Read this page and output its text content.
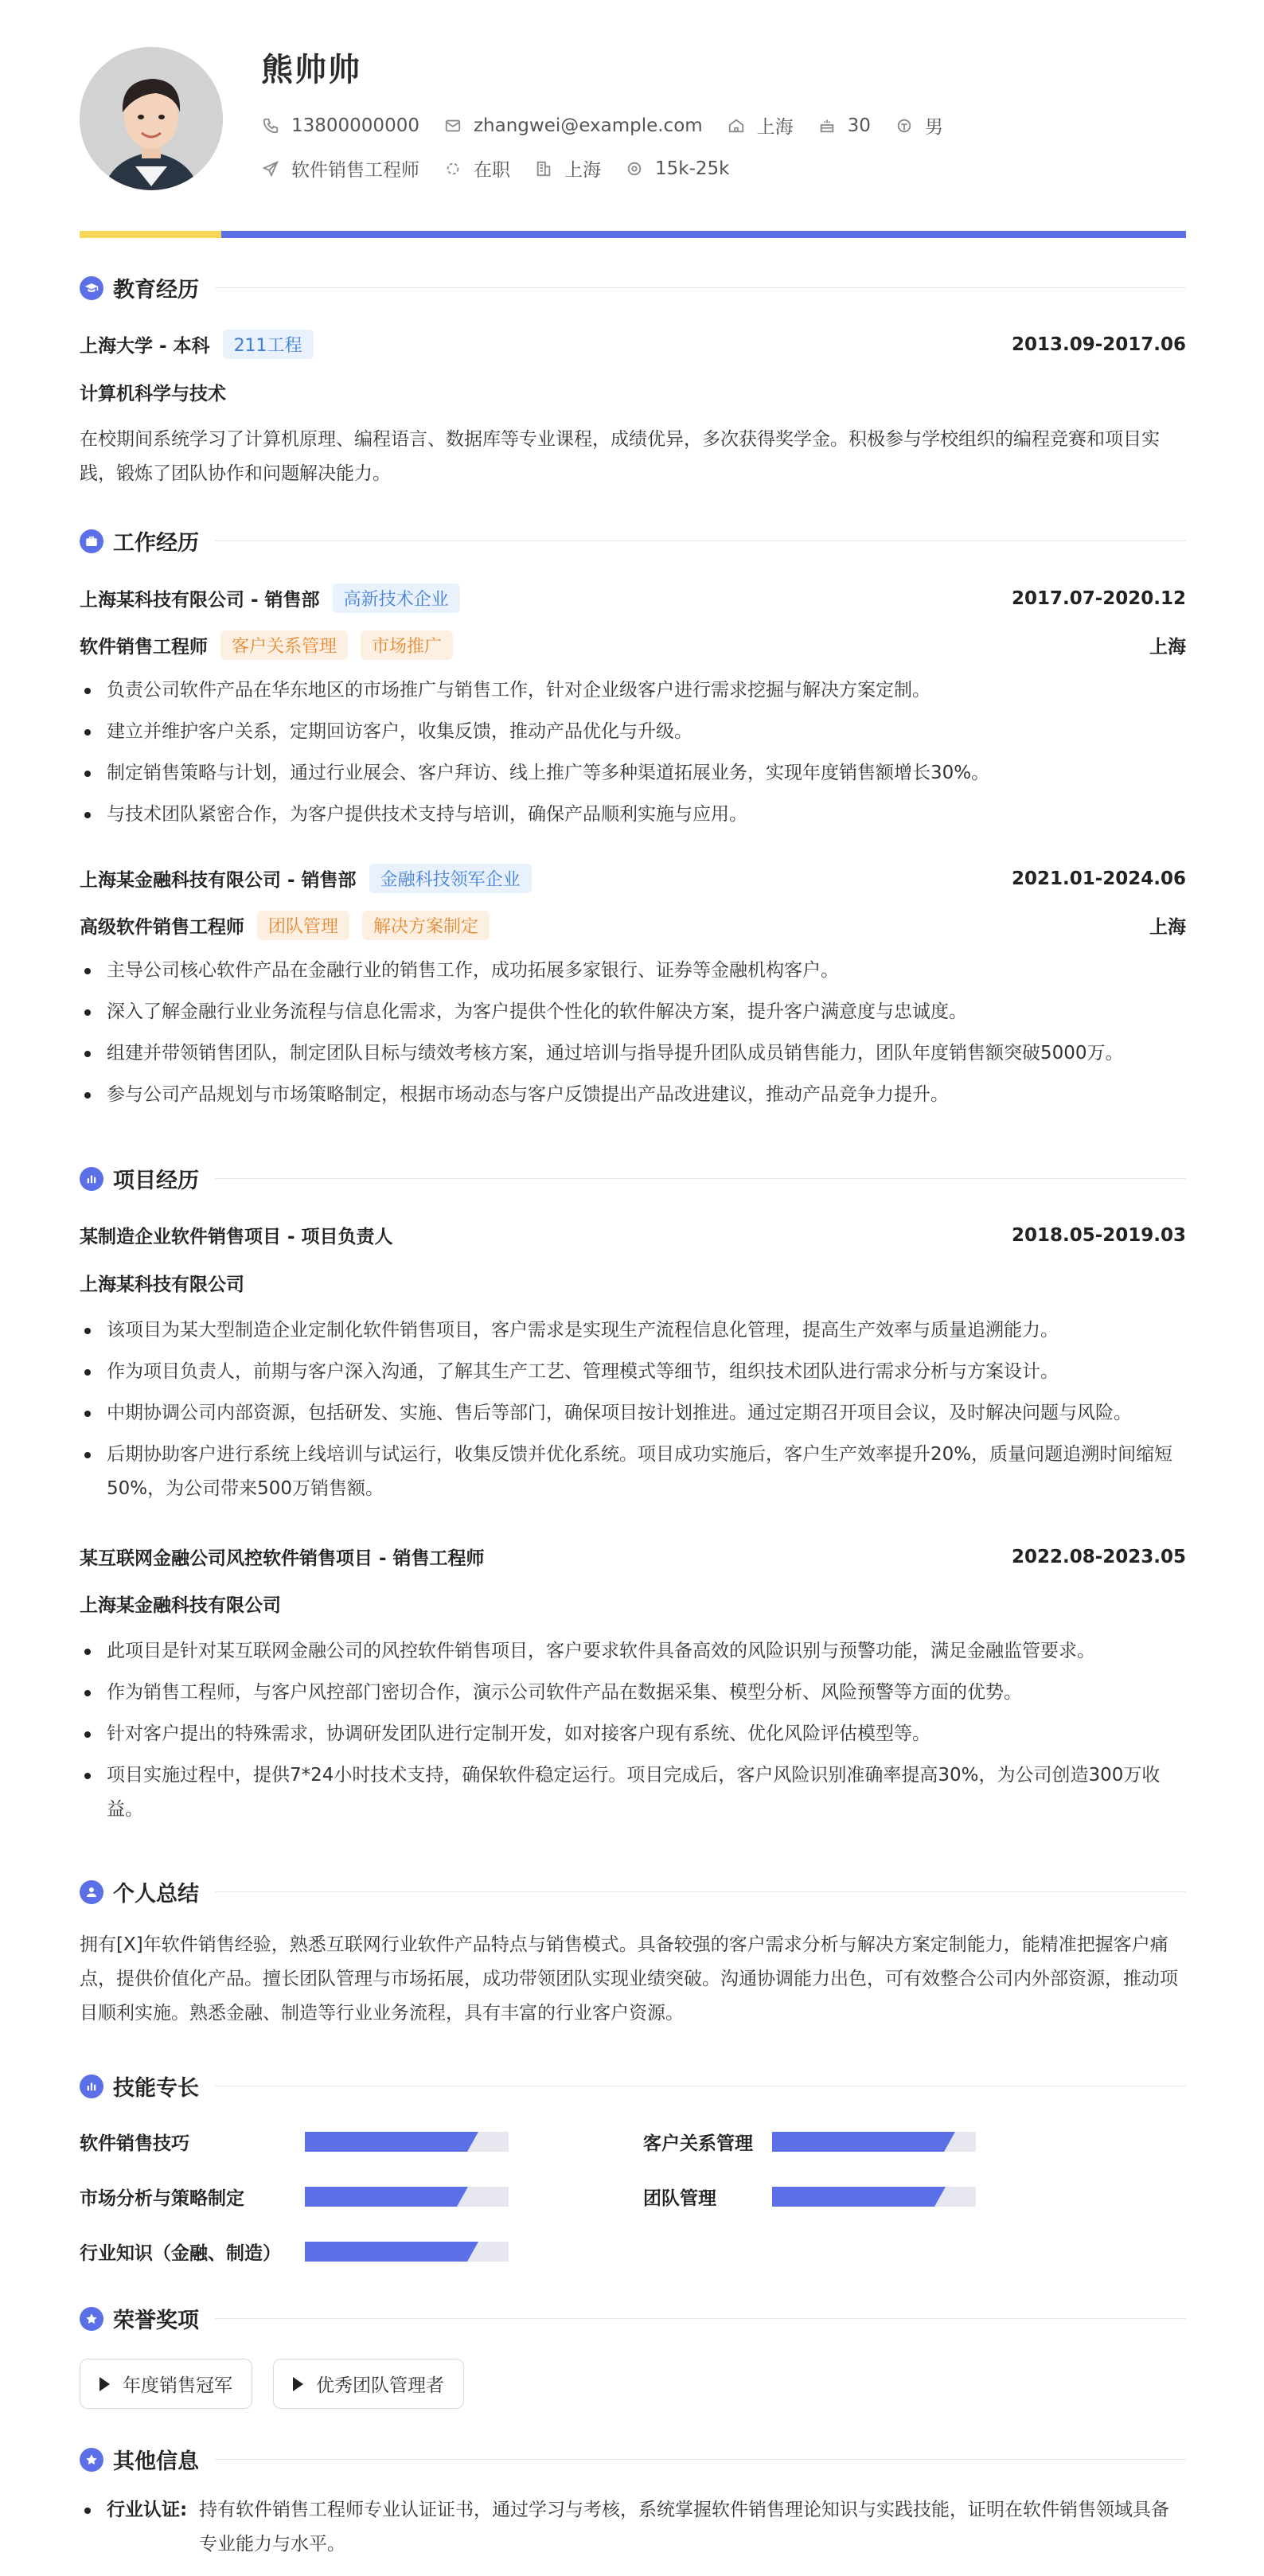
熊帅帅
13800000000	zhangwei@example.com	上海	30	男
软件销售工程师	在职	上海	15k-25k
教育经历
上海大学 - 本科	211工程	2013.09-2017.06
计算机科学与技术
在校期间系统学习了计算机原理、编程语言、数据库等专业课程，成绩优异，多次获得奖学金。积极参与学校组织的编程竞赛和项目实践，锻炼了团队协作和问题解决能力。
工作经历
上海某科技有限公司 - 销售部	高新技术企业	2017.07-2020.12
软件销售工程师	客户关系管理	市场推广	上海
负责公司软件产品在华东地区的市场推广与销售工作，针对企业级客户进行需求挖掘与解决方案定制。
建立并维护客户关系，定期回访客户，收集反馈，推动产品优化与升级。
制定销售策略与计划，通过行业展会、客户拜访、线上推广等多种渠道拓展业务，实现年度销售额增长30%。
与技术团队紧密合作，为客户提供技术支持与培训，确保产品顺利实施与应用。
上海某金融科技有限公司 - 销售部	金融科技领军企业	2021.01-2024.06
高级软件销售工程师	团队管理	解决方案制定	上海
主导公司核心软件产品在金融行业的销售工作，成功拓展多家银行、证券等金融机构客户。
深入了解金融行业业务流程与信息化需求，为客户提供个性化的软件解决方案，提升客户满意度与忠诚度。
组建并带领销售团队，制定团队目标与绩效考核方案，通过培训与指导提升团队成员销售能力，团队年度销售额突破5000万。
参与公司产品规划与市场策略制定，根据市场动态与客户反馈提出产品改进建议，推动产品竞争力提升。
项目经历
某制造企业软件销售项目 - 项目负责人	2018.05-2019.03
上海某科技有限公司
该项目为某大型制造企业定制化软件销售项目，客户需求是实现生产流程信息化管理，提高生产效率与质量追溯能力。
作为项目负责人，前期与客户深入沟通，了解其生产工艺、管理模式等细节，组织技术团队进行需求分析与方案设计。
中期协调公司内部资源，包括研发、实施、售后等部门，确保项目按计划推进。通过定期召开项目会议，及时解决问题与风险。
后期协助客户进行系统上线培训与试运行，收集反馈并优化系统。项目成功实施后，客户生产效率提升20%，质量问题追溯时间缩短50%，为公司带来500万销售额。
某互联网金融公司风控软件销售项目 - 销售工程师	2022.08-2023.05
上海某金融科技有限公司
此项目是针对某互联网金融公司的风控软件销售项目，客户要求软件具备高效的风险识别与预警功能，满足金融监管要求。
作为销售工程师，与客户风控部门密切合作，演示公司软件产品在数据采集、模型分析、风险预警等方面的优势。
针对客户提出的特殊需求，协调研发团队进行定制开发，如对接客户现有系统、优化风险评估模型等。
项目实施过程中，提供7*24小时技术支持，确保软件稳定运行。项目完成后，客户风险识别准确率提高30%，为公司创造300万收益。
个人总结
拥有[X]年软件销售经验，熟悉互联网行业软件产品特点与销售模式。具备较强的客户需求分析与解决方案定制能力，能精准把握客户痛点，提供价值化产品。擅长团队管理与市场拓展，成功带领团队实现业绩突破。沟通协调能力出色，可有效整合公司内外部资源，推动项目顺利实施。熟悉金融、制造等行业业务流程，具有丰富的行业客户资源。
技能专长
软件销售技巧	客户关系管理
市场分析与策略制定	团队管理
行业知识（金融、制造）
荣誉奖项
年度销售冠军	优秀团队管理者
其他信息
行业认证: 持有软件销售工程师专业认证证书，通过学习与考核，系统掌握软件销售理论知识与实践技能，证明在软件销售领域具备专业能力与水平。
